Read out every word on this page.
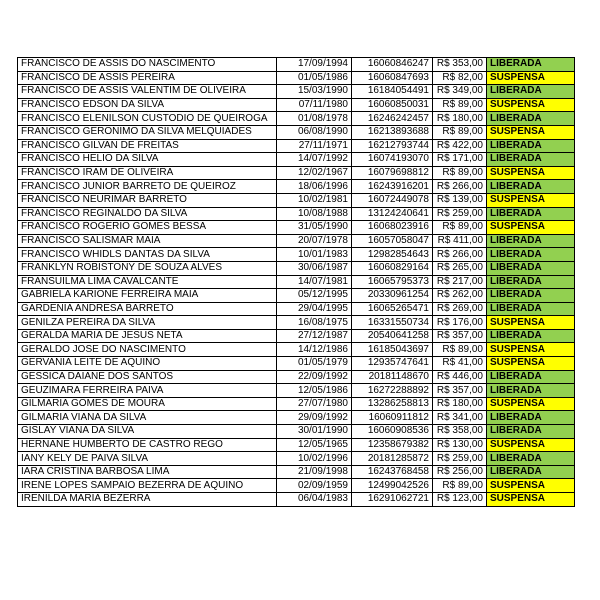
FRANCISCO DE ASSIS DO NASCIMENTO	17/09/1994	16060846247	R$ 353,00	LIBERADA
FRANCISCO DE ASSIS PEREIRA	01/05/1986	16060847693	R$ 82,00	SUSPENSA
FRANCISCO DE ASSIS VALENTIM DE OLIVEIRA	15/03/1990	16184054491	R$ 349,00	LIBERADA
FRANCISCO EDSON DA SILVA	07/11/1980	16060850031	R$ 89,00	SUSPENSA
FRANCISCO ELENILSON CUSTODIO DE QUEIROGA	01/08/1978	16246242457	R$ 180,00	LIBERADA
FRANCISCO GERONIMO DA SILVA MELQUIADES	06/08/1990	16213893688	R$ 89,00	SUSPENSA
FRANCISCO GILVAN DE FREITAS	27/11/1971	16212793744	R$ 422,00	LIBERADA
FRANCISCO HELIO DA SILVA	14/07/1992	16074193070	R$ 171,00	LIBERADA
FRANCISCO IRAM DE OLIVEIRA	12/02/1967	16079698812	R$ 89,00	SUSPENSA
FRANCISCO JUNIOR BARRETO DE QUEIROZ	18/06/1996	16243916201	R$ 266,00	LIBERADA
FRANCISCO NEURIMAR BARRETO	10/02/1981	16072449078	R$ 139,00	SUSPENSA
FRANCISCO REGINALDO DA SILVA	10/08/1988	13124240641	R$ 259,00	LIBERADA
FRANCISCO ROGERIO GOMES BESSA	31/05/1990	16068023916	R$ 89,00	SUSPENSA
FRANCISCO SALISMAR MAIA	20/07/1978	16057058047	R$ 411,00	LIBERADA
FRANCISCO WHIDLS DANTAS DA SILVA	10/01/1983	12982854643	R$ 266,00	LIBERADA
FRANKLYN ROBISTONY DE SOUZA ALVES	30/06/1987	16060829164	R$ 265,00	LIBERADA
FRANSUILMA LIMA CAVALCANTE	14/07/1981	16065795373	R$ 217,00	LIBERADA
GABRIELA KARIONE FERREIRA MAIA	05/12/1995	20330961254	R$ 262,00	LIBERADA
GARDENIA ANDRESA BARRETO	29/04/1995	16065265471	R$ 269,00	LIBERADA
GENILZA PEREIRA DA SILVA	16/08/1975	16331550734	R$ 176,00	SUSPENSA
GERALDA MARIA DE JESUS NETA	27/12/1987	20540641258	R$ 357,00	LIBERADA
GERALDO JOSE DO NASCIMENTO	14/12/1986	16185043697	R$ 89,00	SUSPENSA
GERVANIA LEITE DE AQUINO	01/05/1979	12935747641	R$ 41,00	SUSPENSA
GESSICA DAIANE DOS SANTOS	22/09/1992	20181148670	R$ 446,00	LIBERADA
GEUZIMARA FERREIRA PAIVA	12/05/1986	16272288892	R$ 357,00	LIBERADA
GILMARIA GOMES DE MOURA	27/07/1980	13286258813	R$ 180,00	SUSPENSA
GILMARIA VIANA DA SILVA	29/09/1992	16060911812	R$ 341,00	LIBERADA
GISLAY VIANA DA SILVA	30/01/1990	16060908536	R$ 358,00	LIBERADA
HERNANE HUMBERTO DE CASTRO REGO	12/05/1965	12358679382	R$ 130,00	SUSPENSA
IANY KELY DE PAIVA SILVA	10/02/1996	20181285872	R$ 259,00	LIBERADA
IARA CRISTINA BARBOSA LIMA	21/09/1998	16243768458	R$ 256,00	LIBERADA
IRENE LOPES SAMPAIO BEZERRA DE AQUINO	02/09/1959	12499042526	R$ 89,00	SUSPENSA
IRENILDA MARIA BEZERRA	06/04/1983	16291062721	R$ 123,00	SUSPENSA
